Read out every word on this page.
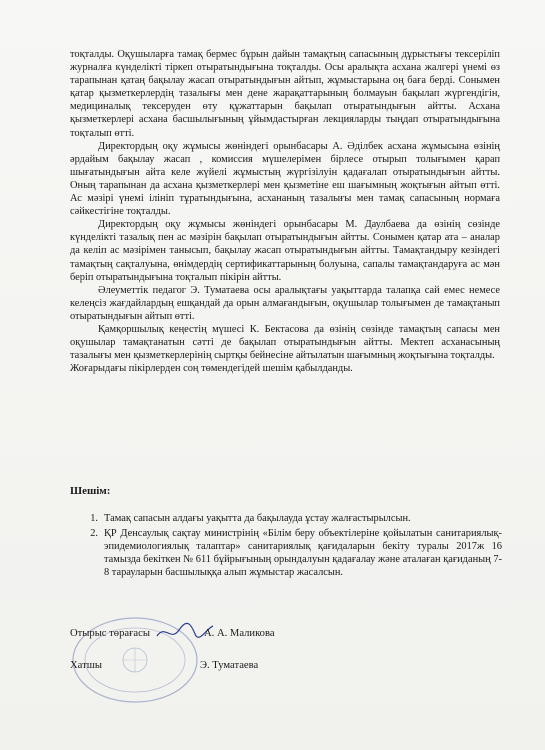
тоқталды. Оқушыларға тамақ бермес бұрын дайын тамақтың сапасының дұрыстығы тексеріліп журналға күнделікті тіркеп отыратындығына тоқталды. Осы аралықта асхана жалгері үнемі өз тарапынан қатаң бақылау жасап отыратындығын айтып, жұмыстарына оң баға берді. Сонымен қатар қызметкерлердің тазалығы мен дене жарақаттарының болмауын бақылап жүргендігін, медициналық тексеруден өту құжаттарын бақылап отыратындығын айтты. Асхана қызметкерлері асхана басшылығының ұйымдастырған лекцияларды тыңдап отыратындығына тоқталып өтті.

Директордың оқу жұмысы жөніндегі орынбасары А. Әділбек асхана жұмысына өзінің әрдайым бақылау жасап , комиссия мүшелерімен бірлесе отырып толығымен қарап шығатындығын айта келе жүйелі жұмыстың жүргізілуін қадағалап отыратындығын айтты. Оның тарапынан да асхана қызметкерлері мен қызметіне еш шағымның жоқтығын айтып өтті. Ас мәзірі үнемі ілініп тұратындығына, асхананың тазалығы мен тамақ сапасының нормаға сәйкестігіне тоқталды.

Директордың оқу жұмысы жөніндегі орынбасары М. Даулбаева да өзінің сөзінде күнделікті тазалық пен ас мәзірін бақылап отыратындығын айтты. Сонымен қатар ата – аналар да келіп ас мәзірімен танысып, бақылау жасап отыратындығын айтты. Тамақтандыру кезіндегі тамақтың сақталуына, өнімдердің сертификаттарының болуына, сапалы тамақтандаруға ас мән беріп отыратындығына тоқталып пікірін айтты.

Әлеуметтік педагог Э. Туматаева осы аралықтағы уақыттарда талапқа сай емес немесе келеңсіз жағдайлардың ешқандай да орын алмағандығын, оқушылар толығымен де тамақтанып отыратындығын айтып өтті.

Қамқоршылық кеңестің мүшесі К. Бектасова да өзінің сөзінде тамақтың сапасы мен оқушылар тамақтанатын сәтті де бақылап отыратындығын айтты. Мектеп асханасының тазалығы мен қызметкерлерінің сыртқы бейнесіне айтылатын шағымның жоқтығына тоқталды.

Жоғарыдағы пікірлерден соң төмендегідей шешім қабылданды.

Шешім:
1. Тамақ сапасын алдағы уақытта да бақылауда ұстау жалғастырылсын.
2. ҚР Денсаулық сақтау министрінің «Білім беру объектілеріне қойылатын санитариялық- эпидемиологиялық талаптар» санитариялық қағидаларын бекіту туралы 2017ж 16 тамызда бекіткен № 611 бұйрығының орындалуын қадағалау және аталаған қағиданың 7-8 тарауларын басшылыққа алып жұмыстар жасалсын.
Отырыс төрағасы	А. А. Маликова
Хатшы	Э. Туматаева
